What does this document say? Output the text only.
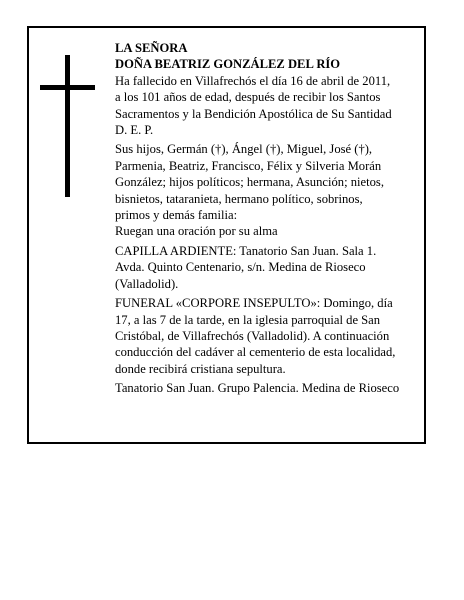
LA SEÑORA
DOÑA BEATRIZ GONZÁLEZ DEL RÍO
Ha fallecido en Villafrechós el día 16 de abril de 2011,
a los 101 años de edad, después de recibir los Santos
Sacramentos y la Bendición Apostólica de Su Santidad
D. E. P.
Sus hijos, Germán (†), Ángel (†), Miguel, José (†),
Parmenia, Beatriz, Francisco, Félix y Silveria Morán
González; hijos políticos; hermana, Asunción; nietos,
bisnietos, tataranieta, hermano político, sobrinos,
primos y demás familia:
Ruegan una oración por su alma
CAPILLA ARDIENTE: Tanatorio San Juan. Sala 1.
Avda. Quinto Centenario, s/n. Medina de Rioseco
(Valladolid).
FUNERAL «CORPORE INSEPULTO»: Domingo, día
17, a las 7 de la tarde, en la iglesia parroquial de San
Cristóbal, de Villafrechós (Valladolid). A continuación
conducción del cadáver al cementerio de esta localidad,
donde recibirá cristiana sepultura.
Tanatorio San Juan. Grupo Palencia. Medina de Rioseco
